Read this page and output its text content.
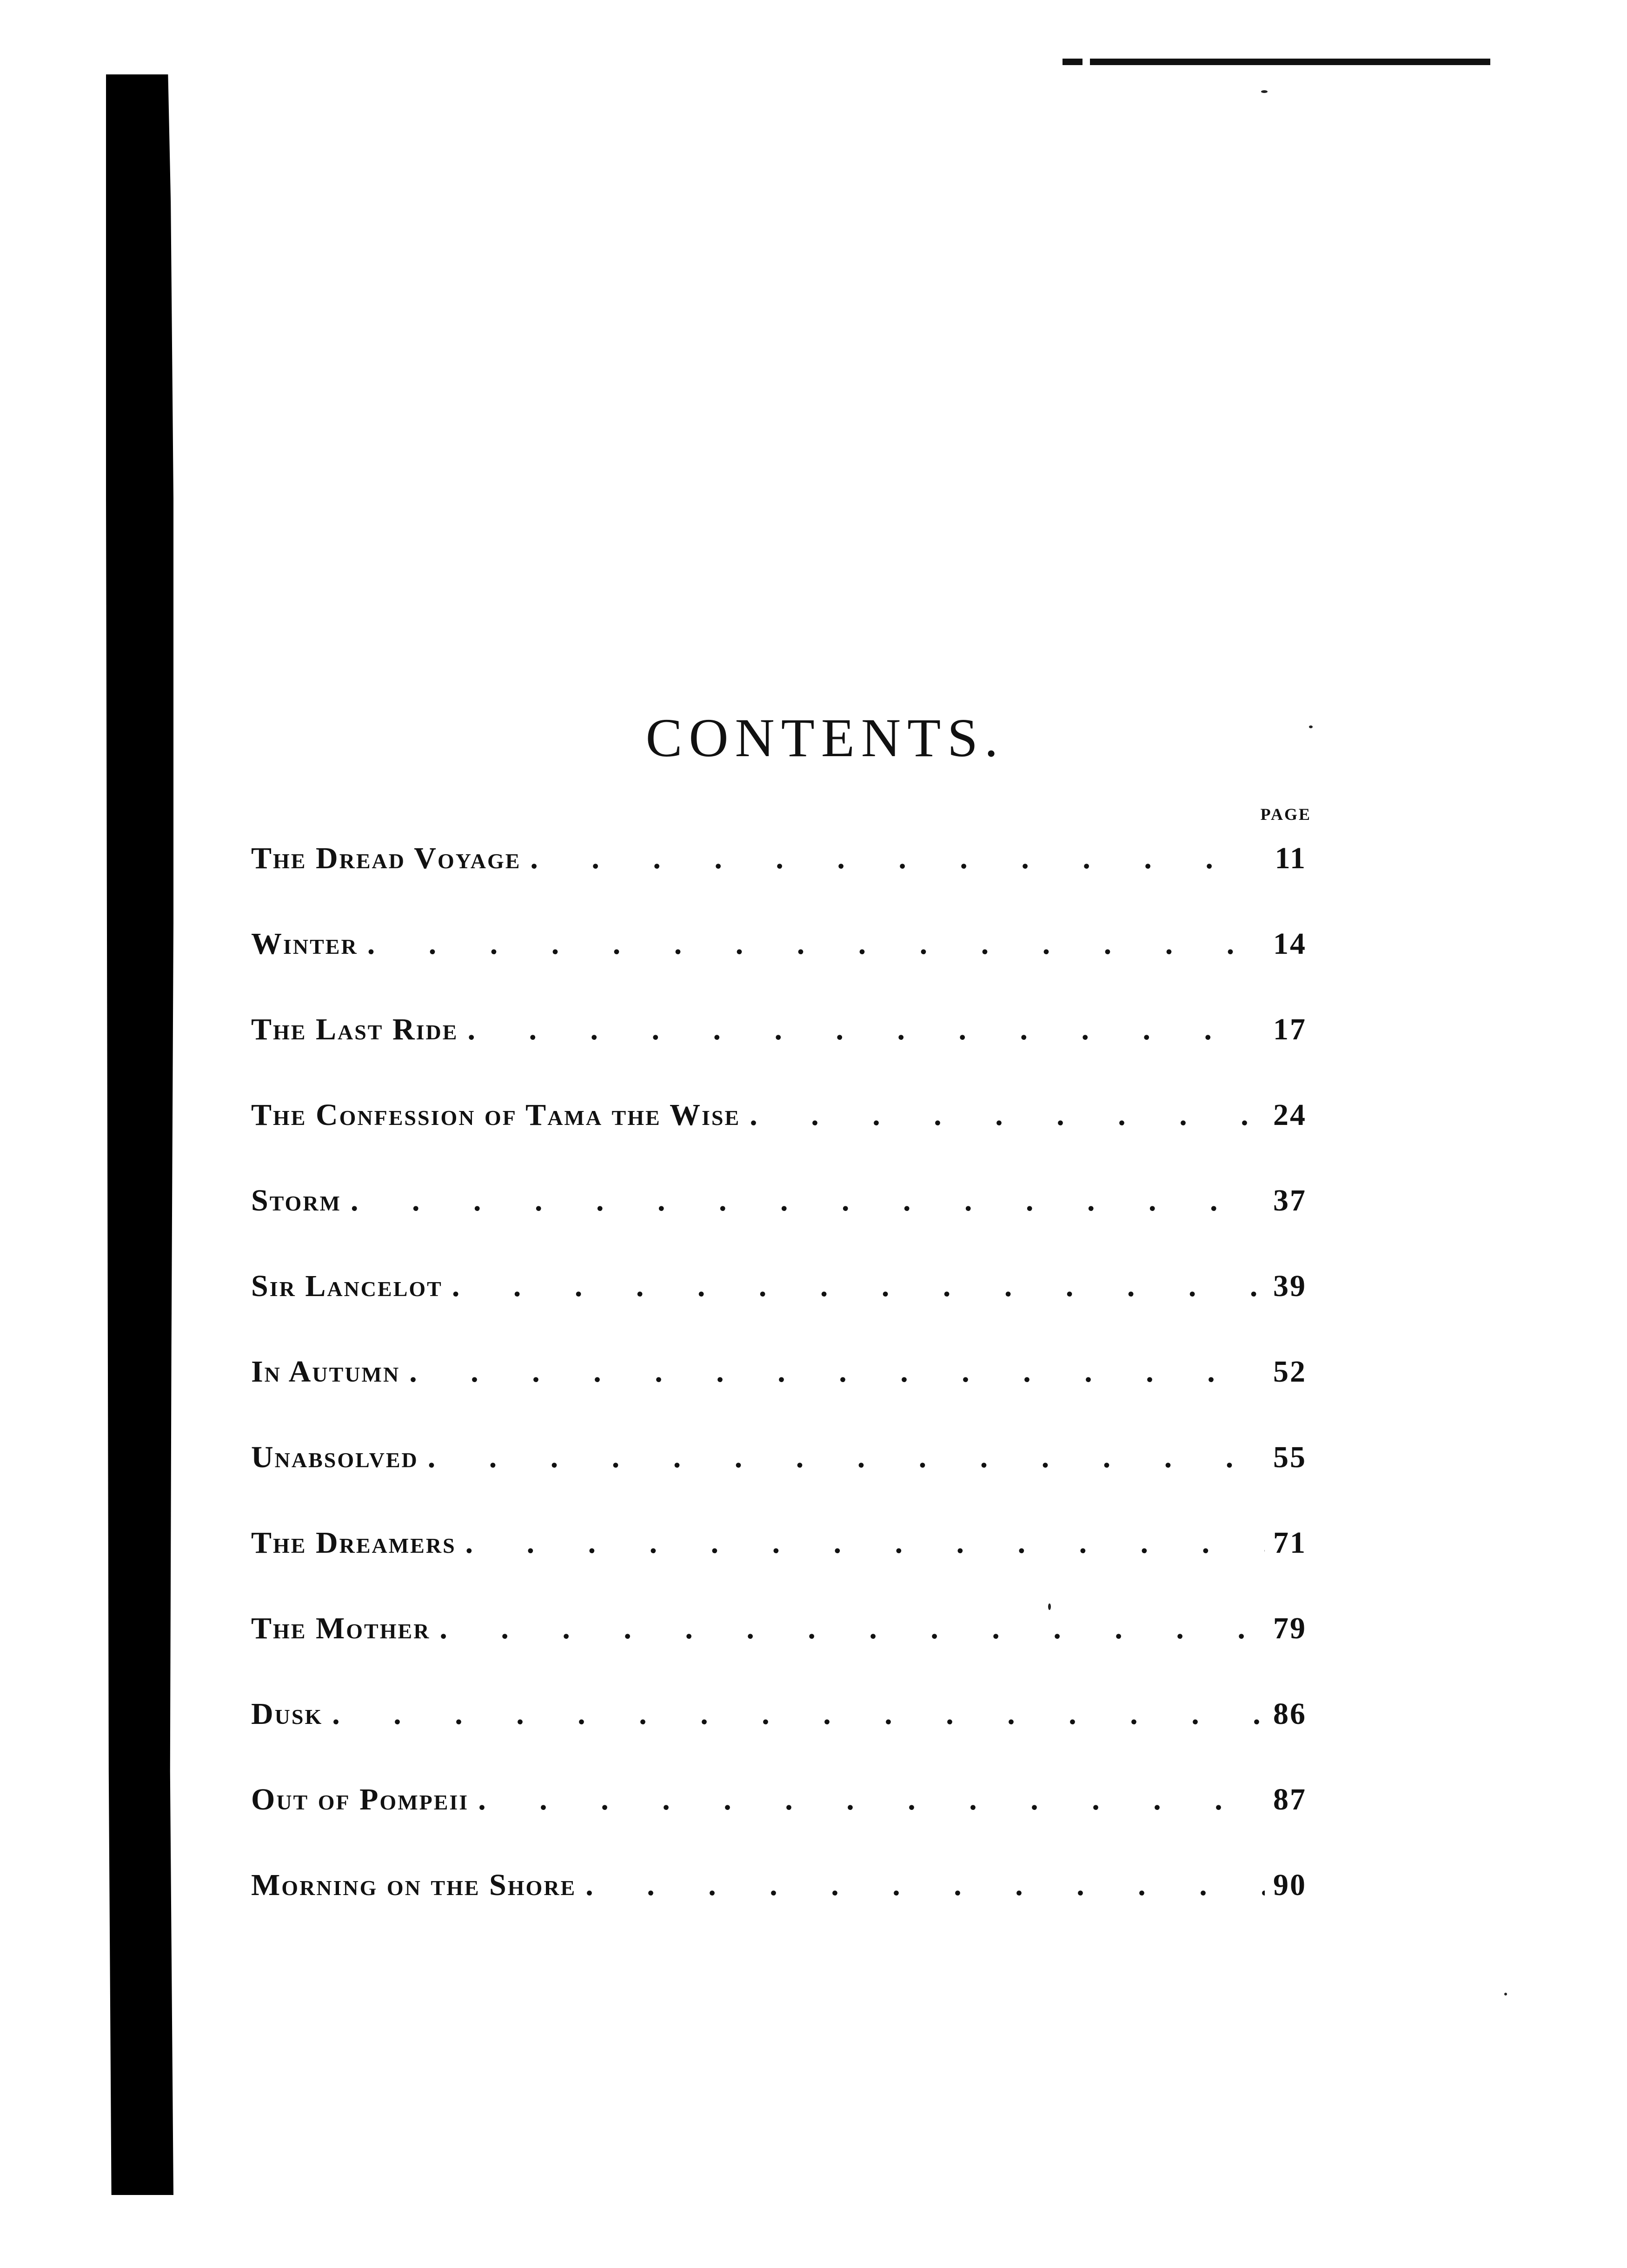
CONTENTS.
PAGE
The Dread Voyage .	11
Winter .	14
The Last Ride .	17
The Confession of Tama the Wise .	24
Storm .	37
Sir Lancelot .	39
In Autumn .	52
Unabsolved .	55
The Dreamers .	71
The Mother .	79
Dusk .	86
Out of Pompeii .	87
Morning on the Shore .	90
